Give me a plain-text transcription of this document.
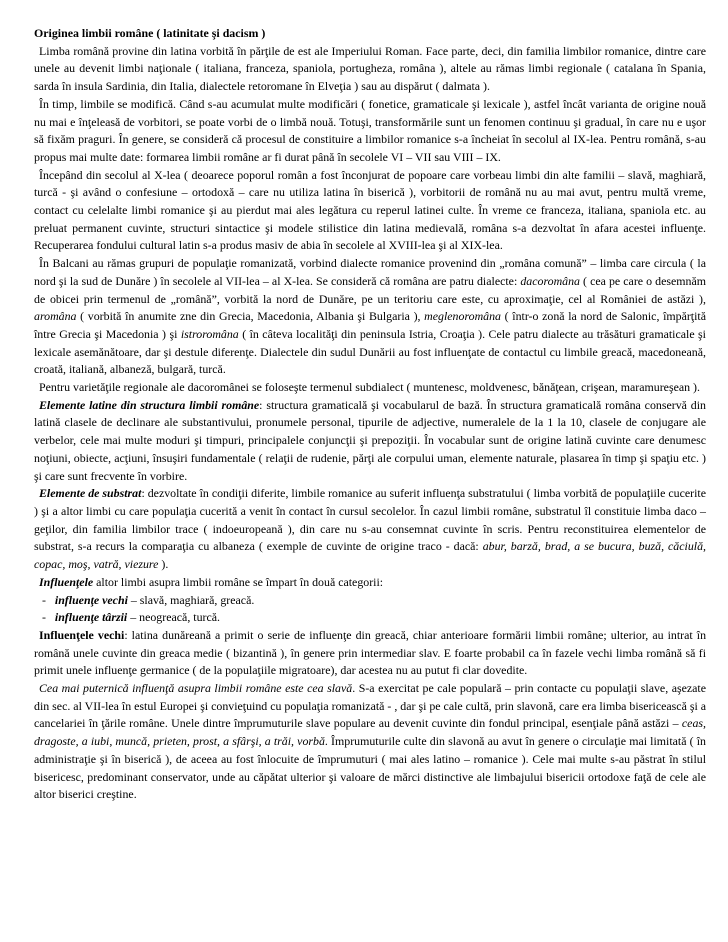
Originea limbii române ( latinitate şi dacism )

Limba română provine din latina vorbită în părţile de est ale Imperiului Roman. Face parte, deci, din familia limbilor romanice, dintre care unele au devenit limbi naţionale ( italiana, franceza, spaniola, portugheza, româna ), altele au rămas limbi regionale ( catalana în Spania, sarda în insula Sardinia, din Italia, dialectele retoromane în Elveţia ) sau au dispărut ( dalmata ).

În timp, limbile se modifică. Când s-au acumulat multe modificări ( fonetice, gramaticale şi lexicale ), astfel încât varianta de origine nouă nu mai e înţeleasă de vorbitori, se poate vorbi de o limbă nouă. Totuşi, transformările sunt un fenomen continuu şi gradual, în care nu e uşor să fixăm praguri. În genere, se consideră că procesul de constituire a limbilor romanice s-a încheiat în secolul al IX-lea. Pentru română, s-au propus mai multe date: formarea limbii române ar fi durat până în secolele VI – VII sau VIII – IX.

Începând din secolul al X-lea ( deoarece poporul român a fost înconjurat de popoare care vorbeau limbi din alte familii – slavă, maghiară, turcă - şi având o confesiune – ortodoxă – care nu utiliza latina în biserică ), vorbitorii de română nu au mai avut, pentru multă vreme, contact cu celelalte limbi romanice şi au pierdut mai ales legătura cu reperul latinei culte. În vreme ce franceza, italiana, spaniola etc. au preluat permanent cuvinte, structuri sintactice şi modele stilistice din latina medievală, româna s-a dezvoltat în afara acestei influenţe. Recuperarea fondului cultural latin s-a produs masiv de abia în secolele al XVIII-lea şi al XIX-lea.

În Balcani au rămas grupuri de populaţie romanizată, vorbind dialecte romanice provenind din „româna comună” – limba care circula ( la nord şi la sud de Dunăre ) în secolele al VII-lea – al X-lea. Se consideră că româna are patru dialecte: dacoromâna ( cea pe care o desemnăm de obicei prin termenul de „română”, vorbită la nord de Dunăre, pe un teritoriu care este, cu aproximaţie, cel al României de astăzi ), aromâna ( vorbită în anumite zne din Grecia, Macedonia, Albania şi Bulgaria ), meglenoromâna ( într-o zonă la nord de Salonic, împărţită între Grecia şi Macedonia ) şi istroromâna ( în câteva localităţi din peninsula Istria, Croaţia ). Cele patru dialecte au trăsături gramaticale şi lexicale asemănătoare, dar şi destule diferenţe. Dialectele din sudul Dunării au fost influenţate de contactul cu limbile greacă, macedoneană, croată, italiană, albaneză, bulgară, turcă.

Pentru varietăţile regionale ale dacoromânei se foloseşte termenul subdialect ( muntenesc, moldvenesc, bănăţean, crişean, maramureşean ).

Elemente latine din structura limbii române: structura gramaticală şi vocabularul de bază. În structura gramaticală româna conservă din latină clasele de declinare ale substantivului, pronumele personal, tipurile de adjective, numeralele de la 1 la 10, clasele de conjugare ale verbelor, cele mai multe moduri şi timpuri, principalele conjuncţii şi prepoziţii. În vocabular sunt de origine latină cuvinte care denumesc noţiuni, obiecte, acţiuni, însuşiri fundamentale ( relaţii de rudenie, părţi ale corpului uman, elemente naturale, plasarea în timp şi spaţiu etc. ) şi care sunt frecvente în vorbire.

Elemente de substrat: dezvoltate în condiţii diferite, limbile romanice au suferit influenţa substratului ( limba vorbită de populaţiile cucerite ) şi a altor limbi cu care populaţia cucerită a venit în contact în cursul secolelor. În cazul limbii române, substratul îl constituie limba daco – geţilor, din familia limbilor trace ( indoeuropeană ), din care nu s-au consemnat cuvinte în scris. Pentru reconstituirea elementelor de substrat, s-a recurs la comparaţia cu albaneza ( exemple de cuvinte de origine traco - dacă: abur, barză, brad, a se bucura, buză, căciulă, copac, moş, vatră, viezure ).

Influenţele altor limbi asupra limbii române se împart în două categorii:

- influenţe vechi – slavă, maghiară, greacă.
- influenţe târzii – neogreacă, turcă.

Influenţele vechi: latina dunăreană a primit o serie de influenţe din greacă, chiar anterioare formării limbii române; ulterior, au intrat în română unele cuvinte din greaca medie ( bizantină ), în genere prin intermediar slav. E foarte probabil ca în fazele vechi limba română să fi primit unele influenţe germanice ( de la populaţiile migratoare), dar acestea nu au putut fi clar dovedite.

Cea mai puternică influenţă asupra limbii române este cea slavă. S-a exercitat pe cale populară – prin contacte cu populaţii slave, aşezate din sec. al VII-lea în estul Europei şi convieţuind cu populaţia romanizată - , dar şi pe cale cultă, prin slavonă, care era limba bisericească şi a cancelariei în ţările române. Unele dintre împrumuturile slave populare au devenit cuvinte din fondul principal, esenţiale până astăzi – ceas, dragoste, a iubi, muncă, prieten, prost, a sfârşi, a trăi, vorbă. Împrumuturile culte din slavonă au avut în genere o circulaţie mai limitată ( în administraţie şi în biserică ), de aceea au fost înlocuite de împrumuturi ( mai ales latino – romanice ). Cele mai multe s-au păstrat în stilul bisericesc, predominant conservator, unde au căpătat ulterior şi valoare de mărci distinctive ale limbajului bisericii ortodoxe faţă de cele ale altor biserici creştine.
